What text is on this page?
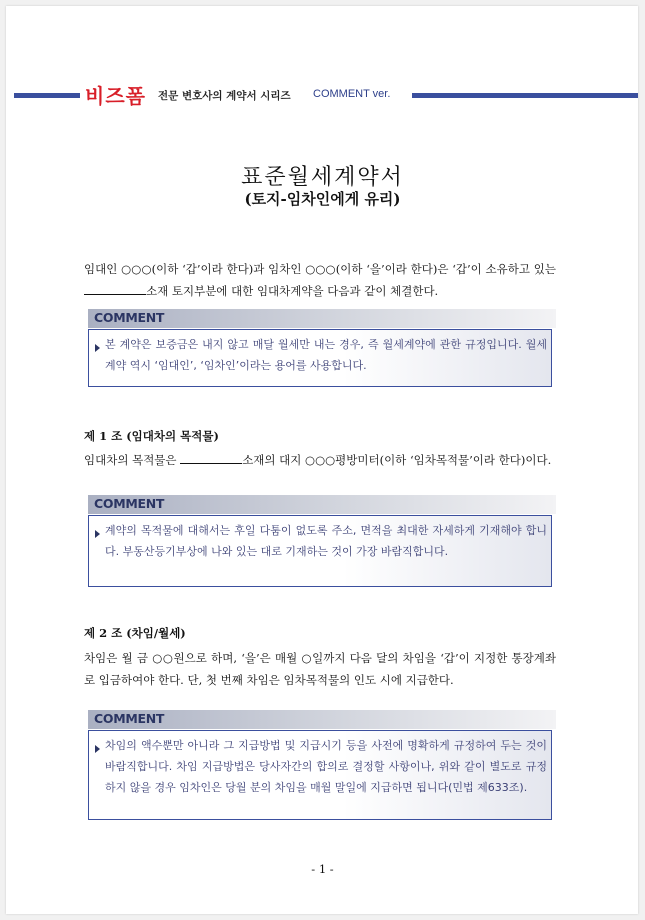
비즈폼 전문 변호사의 계약서 시리즈 COMMENT ver.
표준월세계약서
(토지-임차인에게 유리)

임대인 ○○○(이하 ‘갑’이라 한다)과 임차인 ○○○(이하 ‘을’이라 한다)은 ‘갑’이 소유하고 있는 소재 토지부분에 대한 임대차계약을 다음과 같이 체결한다.

COMMENT

본 계약은 보증금은 내지 않고 매달 월세만 내는 경우, 즉 월세계약에 관한 규정입니다. 월세계약 역시 ‘임대인’, ‘임차인’이라는 용어를 사용합니다.

제 1 조 (임대차의 목적물)

임대차의 목적물은	소재의 대지 ○○○평방미터(이하 ‘임차목적물’이라 한다)이다.

COMMENT

계약의 목적물에 대해서는 후일 다툼이 없도록 주소, 면적을 최대한 자세하게 기재해야 합니다. 부동산등기부상에 나와 있는 대로 기재하는 것이 가장 바람직합니다.

제 2 조 (차임/월세)

차임은 월 금 ○○원으로 하며, ‘을’은 매월 ○일까지 다음 달의 차임을 ‘갑’이 지정한 통장계좌로 입금하여야 한다. 단, 첫 번째 차임은 임차목적물의 인도 시에 지급한다.

COMMENT

차임의 액수뿐만 아니라 그 지급방법 및 지급시기 등을 사전에 명확하게 규정하여 두는 것이 바람직합니다. 차임 지급방법은 당사자간의 합의로 결정할 사항이나, 위와 같이 별도로 규정하지 않을 경우 임차인은 당월 분의 차임을 매월 말일에 지급하면 됩니다(민법 제633조).

- 1 -
